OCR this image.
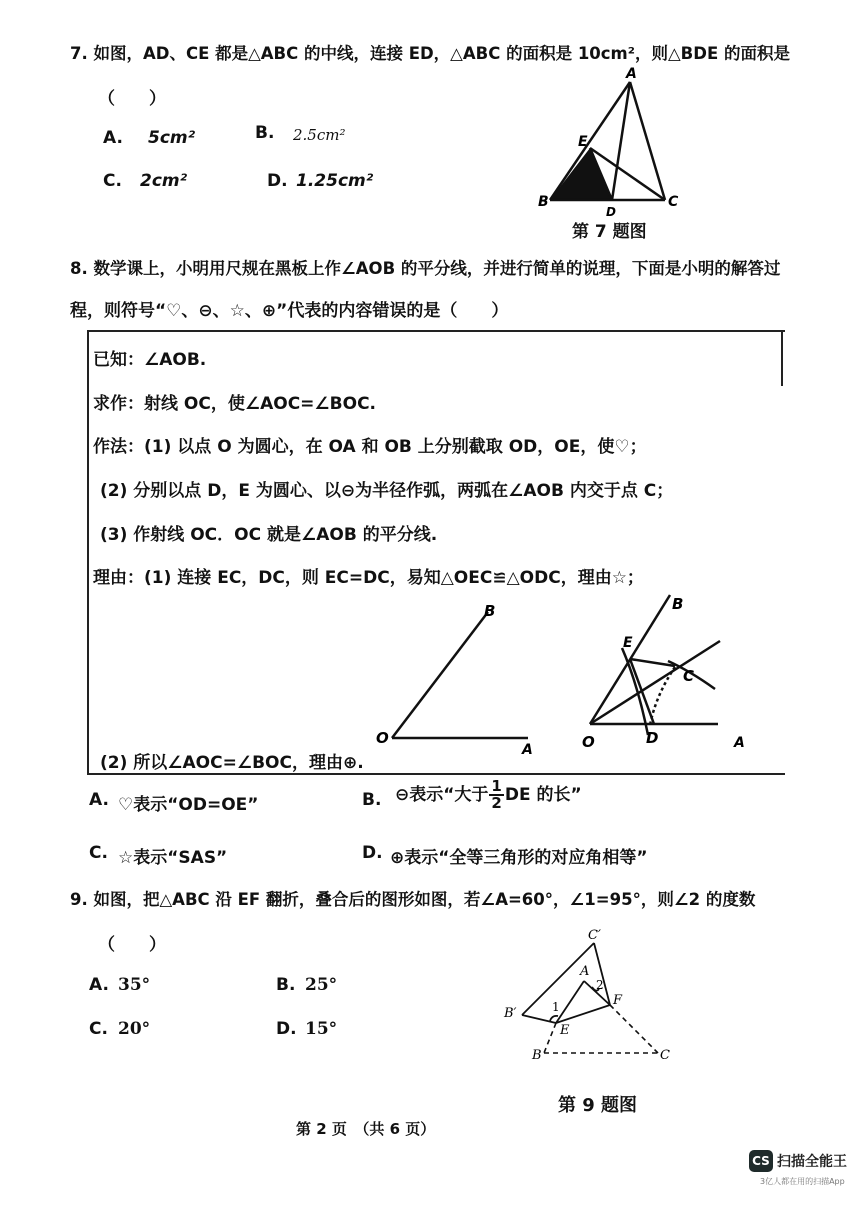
7. 如图，AD、CE 都是△ABC 的中线，连接 ED，△ABC 的面积是 10cm²，则△BDE 的面积是
（　　）
A. 5cm²	B. 2.5cm²
C. 2cm²	D. 1.25cm²
A
E
B
D
C
第 7 题图
8. 数学课上，小明用尺规在黑板上作∠AOB 的平分线，并进行简单的说理，下面是小明的解答过
程，则符号“♡、⊖、☆、⊕”代表的内容错误的是（　　）
已知：∠AOB.
求作：射线 OC，使∠AOC=∠BOC.
作法：(1) 以点 O 为圆心，在 OA 和 OB 上分别截取 OD，OE，使♡；
(2) 分别以点 D，E 为圆心、以⊖为半径作弧，两弧在∠AOB 内交于点 C；
(3) 作射线 OC．OC 就是∠AOB 的平分线.
理由：(1) 连接 EC，DC，则 EC=DC，易知△OEC≌△ODC，理由☆；
(2) 所以∠AOC=∠BOC，理由⊕.
B
O
A
B
E
C
O	D	A
A. ♡表示“OD=OE”	B. ⊖表示“大于 $\frac{1}{2}$ DE 的长”
C. ☆表示“SAS”	D. ⊕表示“全等三角形的对应角相等”
9. 如图，把△ABC 沿 EF 翻折，叠合后的图形如图，若∠A=60°，∠1=95°，则∠2 的度数
（　　）
A. 35°	B. 25°
C. 20°	D. 15°
C′
A
B′	1
2
F
E
B	C
第 9 题图
第 2 页　（共 6 页）
CS 扫描全能王
3亿人都在用的扫描App
